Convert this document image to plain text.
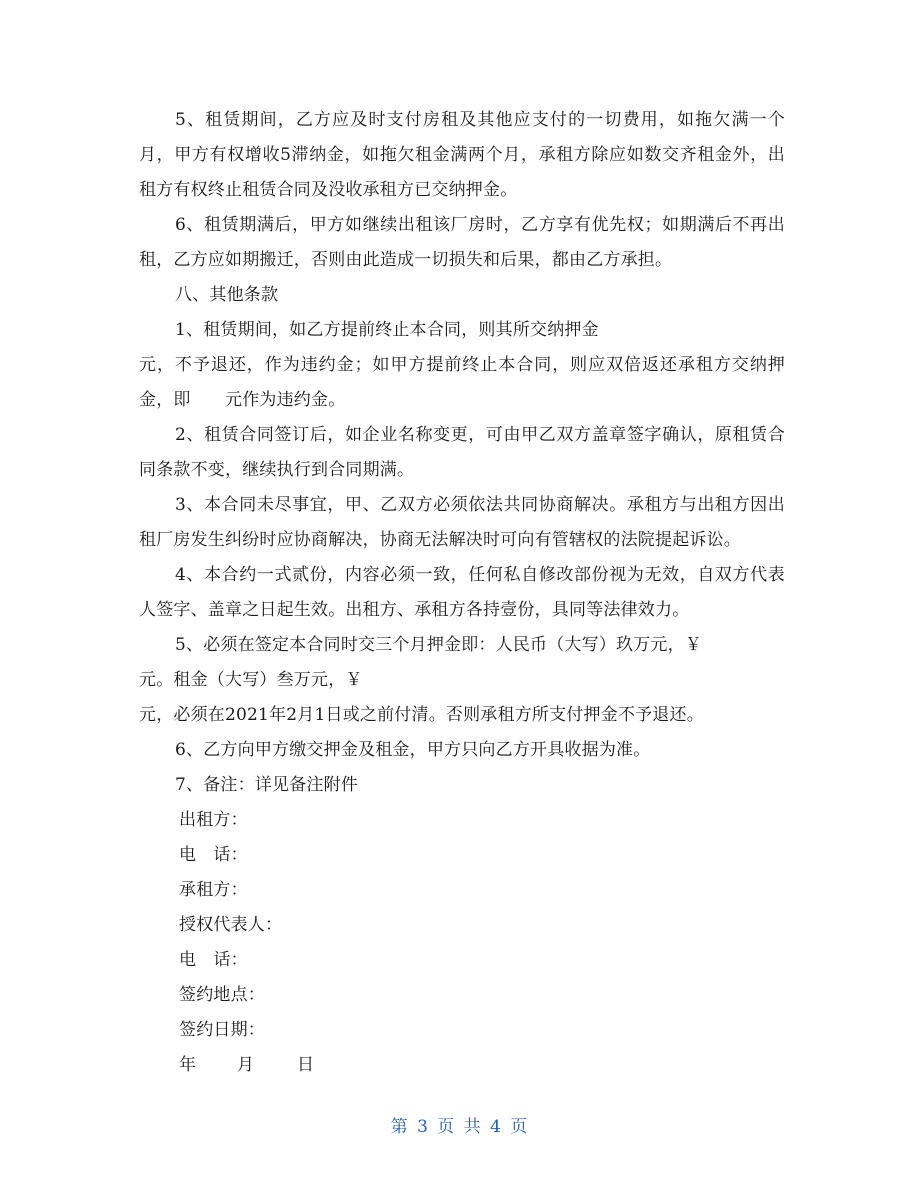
5、租赁期间，乙方应及时支付房租及其他应支付的一切费用，如拖欠满一个月，甲方有权增收5滞纳金，如拖欠租金满两个月，承租方除应如数交齐租金外，出租方有权终止租赁合同及没收承租方已交纳押金。

6、租赁期满后，甲方如继续出租该厂房时，乙方享有优先权；如期满后不再出租，乙方应如期搬迁，否则由此造成一切损失和后果，都由乙方承担。

八、其他条款

1、租赁期间，如乙方提前终止本合同，则其所交纳押金

元，不予退还，作为违约金；如甲方提前终止本合同，则应双倍返还承租方交纳押金，即　　元作为违约金。

2、租赁合同签订后，如企业名称变更，可由甲乙双方盖章签字确认，原租赁合同条款不变，继续执行到合同期满。

3、本合同未尽事宜，甲、乙双方必须依法共同协商解决。承租方与出租方因出租厂房发生纠纷时应协商解决，协商无法解决时可向有管辖权的法院提起诉讼。

4、本合约一式贰份，内容必须一致，任何私自修改部份视为无效，自双方代表人签字、盖章之日起生效。出租方、承租方各持壹份，具同等法律效力。

5、必须在签定本合同时交三个月押金即：人民币（大写）玖万元，￥

元。租金（大写）叁万元，￥

元，必须在2021年2月1日或之前付清。否则承租方所支付押金不予退还。

6、乙方向甲方缴交押金及租金，甲方只向乙方开具收据为准。

7、备注：详见备注附件

出租方：

电　话：

承租方：

授权代表人：

电　话：

签约地点：

签约日期：

年 月	日

第 3 页 共 4 页
